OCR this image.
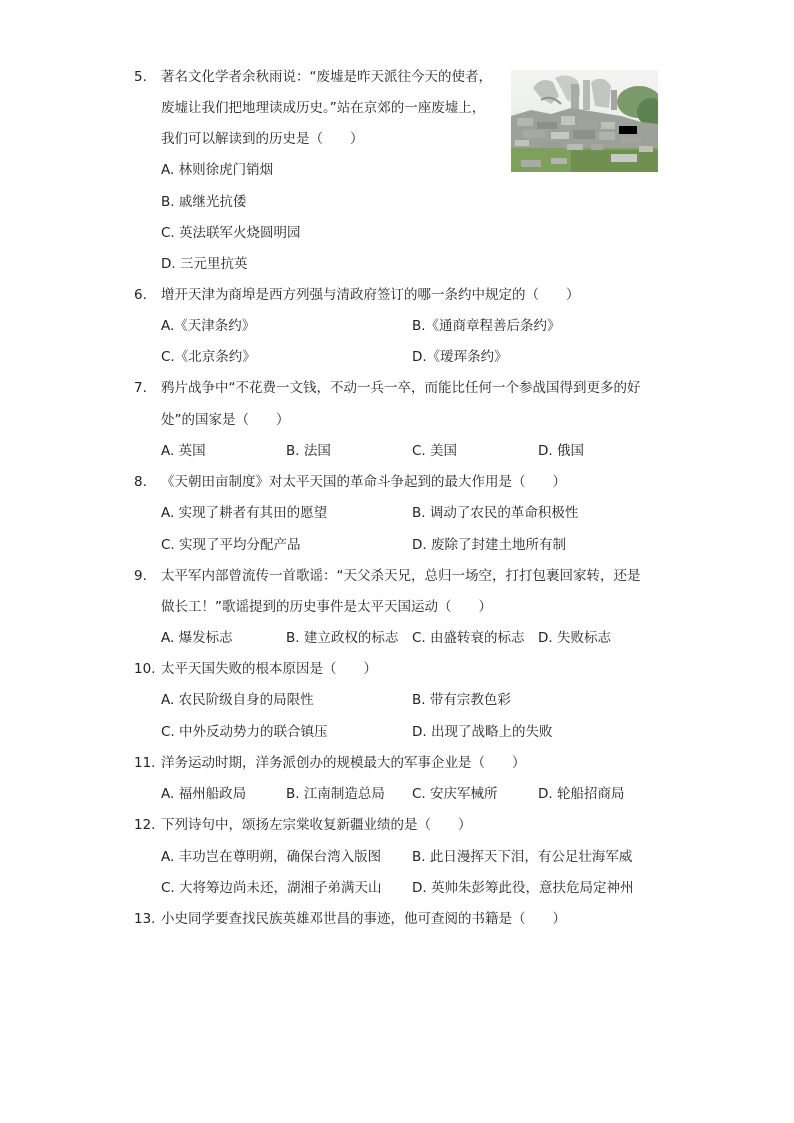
5.	著名文化学者余秋雨说：“废墟是昨天派往今天的使者，
废墟让我们把地理读成历史。”站在京郊的一座废墟上，
我们可以解读到的历史是（　　）
A. 林则徐虎门销烟
B. 戚继光抗倭
C. 英法联军火烧圆明园
D. 三元里抗英
6.	增开天津为商埠是西方列强与清政府签订的哪一条约中规定的（　　）
A.《天津条约》	B.《通商章程善后条约》
C.《北京条约》	D.《瑷珲条约》
7.	鸦片战争中“不花费一文钱，不动一兵一卒，而能比任何一个参战国得到更多的好
处”的国家是（　　）
A. 英国	B. 法国	C. 美国	D. 俄国
8.	《天朝田亩制度》对太平天国的革命斗争起到的最大作用是（　　）
A. 实现了耕者有其田的愿望	B. 调动了农民的革命积极性
C. 实现了平均分配产品	D. 废除了封建土地所有制
9.	太平军内部曾流传一首歌谣：“天父杀天兄，总归一场空，打打包裹回家转，还是
做长工！”歌谣提到的历史事件是太平天国运动（　　）
A. 爆发标志	B. 建立政权的标志 C. 由盛转衰的标志 D. 失败标志
10. 太平天国失败的根本原因是（　　）
A. 农民阶级自身的局限性	B. 带有宗教色彩
C. 中外反动势力的联合镇压	D. 出现了战略上的失败
11. 洋务运动时期，洋务派创办的规模最大的军事企业是（　　）
A. 福州船政局	B. 江南制造总局 C. 安庆军械所	D. 轮船招商局
12. 下列诗句中，颂扬左宗棠收复新疆业绩的是（　　）
A. 丰功岂在尊明朔，确保台湾入版图 B. 此日漫挥天下泪，有公足壮海军威
C. 大将筹边尚未还，湖湘子弟满天山 D. 英帅朱彭筹此役，意扶危局定神州
13. 小史同学要查找民族英雄邓世昌的事迹，他可查阅的书籍是（　　）
